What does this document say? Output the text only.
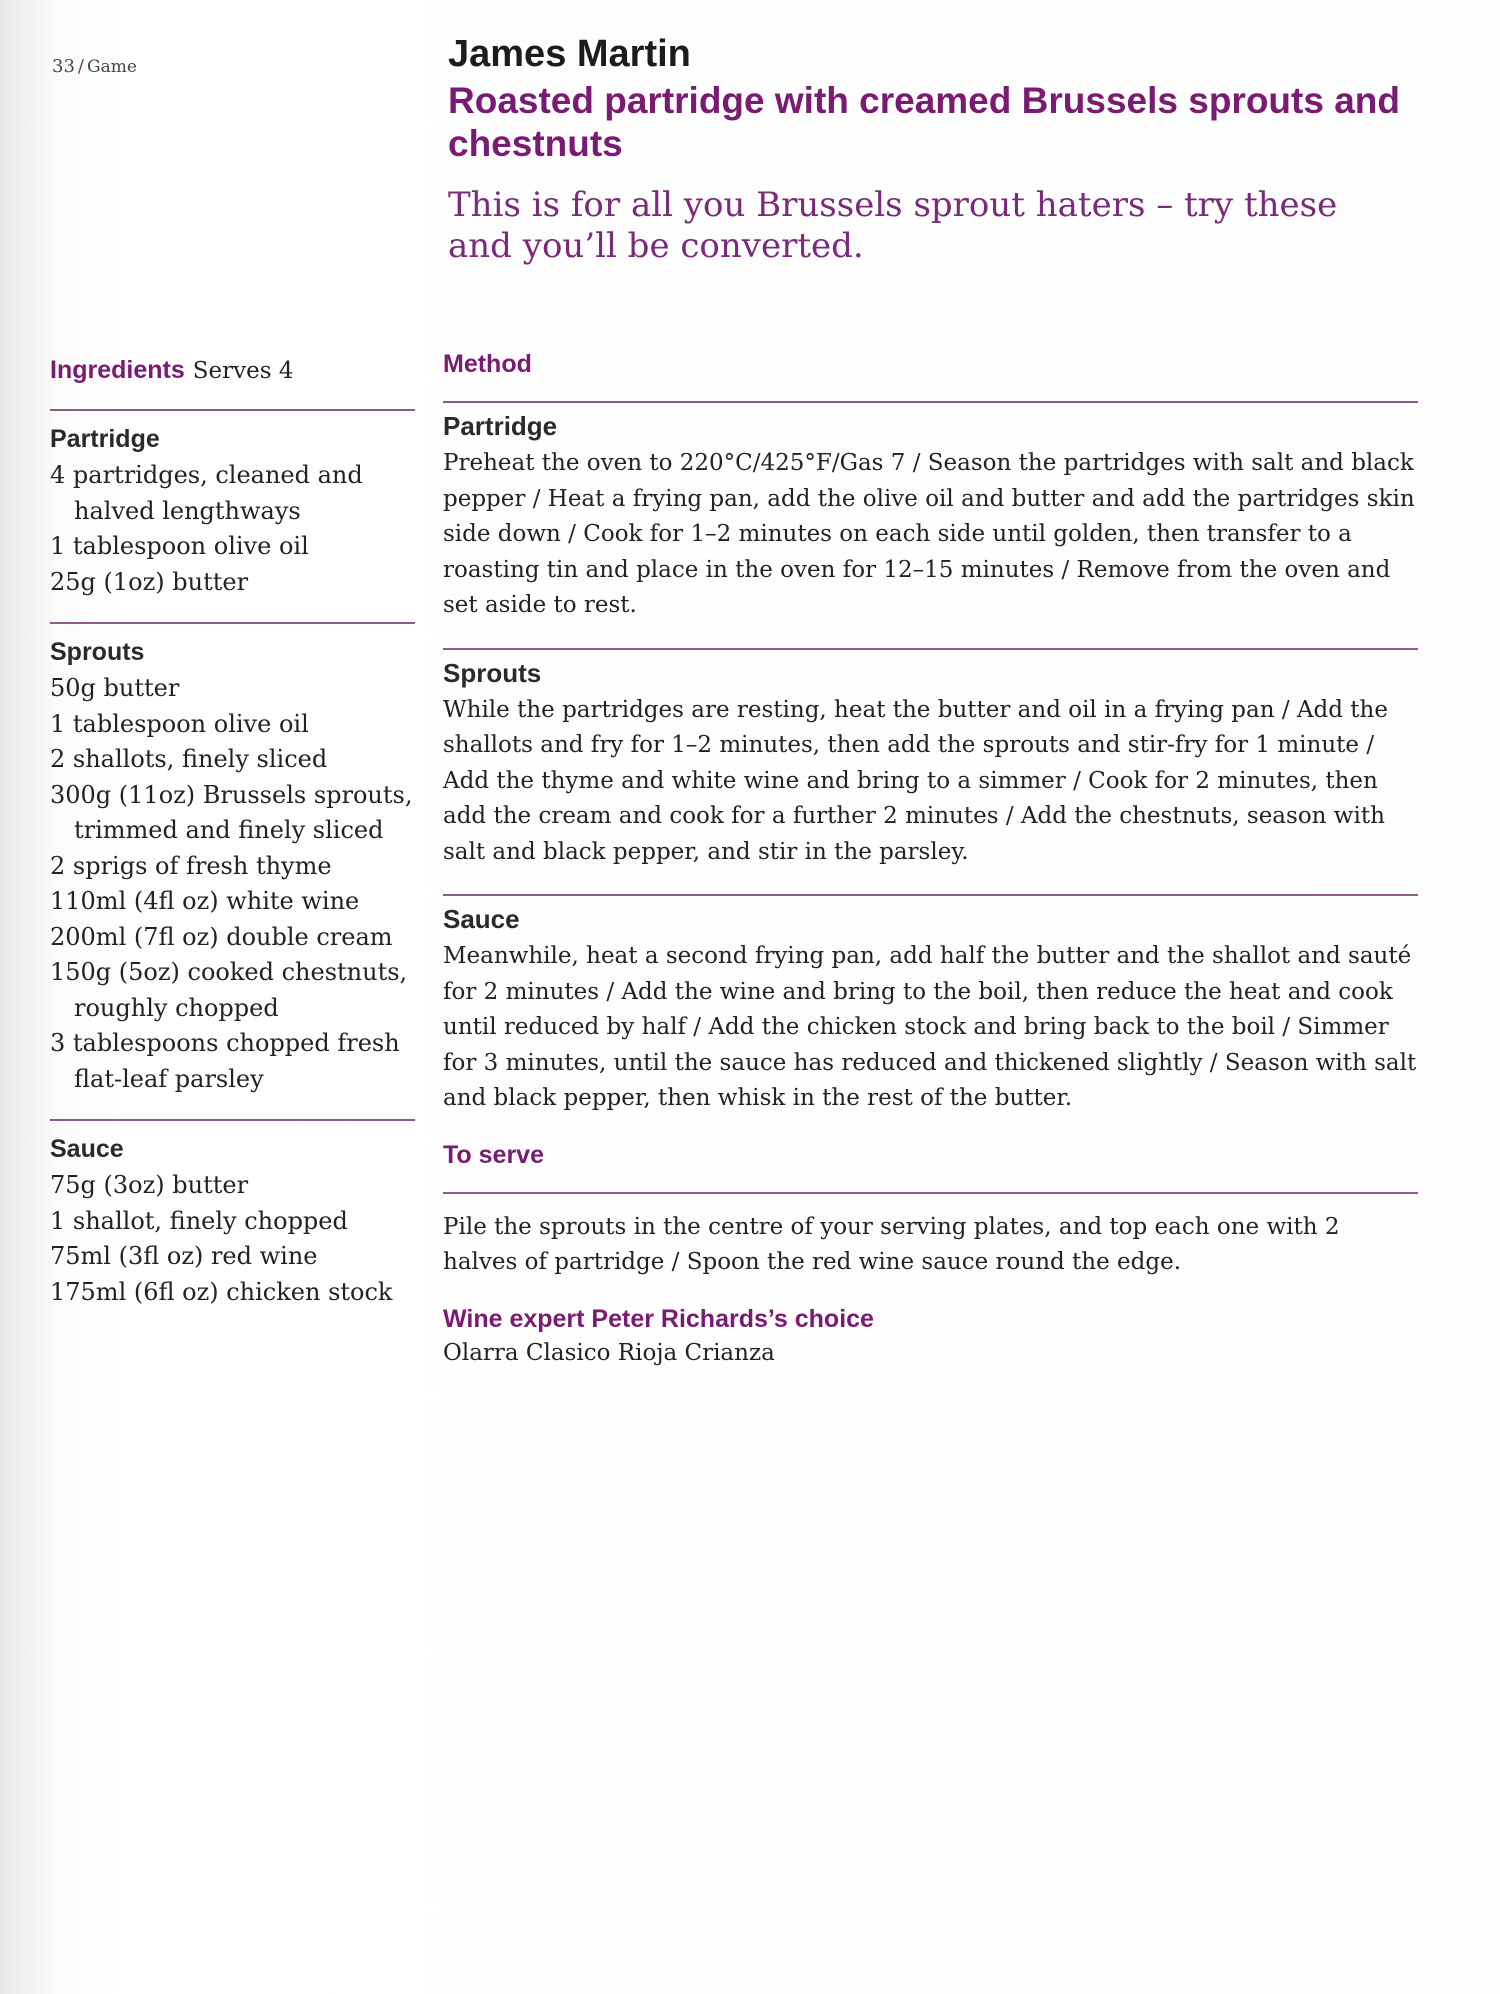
33 / Game	James Martin
Roasted partridge with creamed Brussels sprouts and chestnuts

This is for all you Brussels sprout haters – try these and you’ll be converted.

Ingredients Serves 4
Partridge
4 partridges, cleaned and halved lengthways
1 tablespoon olive oil
25g (1oz) butter
Sprouts
50g butter
1 tablespoon olive oil
2 shallots, finely sliced
300g (11oz) Brussels sprouts, trimmed and finely sliced
2 sprigs of fresh thyme
110ml (4fl oz) white wine
200ml (7fl oz) double cream
150g (5oz) cooked chestnuts, roughly chopped
3 tablespoons chopped fresh flat-leaf parsley
Sauce
75g (3oz) butter
1 shallot, finely chopped
75ml (3fl oz) red wine
175ml (6fl oz) chicken stock
Method
Partridge

Preheat the oven to 220°C/425°F/Gas 7 / Season the partridges with salt and black pepper / Heat a frying pan, add the olive oil and butter and add the partridges skin side down / Cook for 1–2 minutes on each side until golden, then transfer to a roasting tin and place in the oven for 12–15 minutes / Remove from the oven and set aside to rest.

Sprouts

While the partridges are resting, heat the butter and oil in a frying pan / Add the shallots and fry for 1–2 minutes, then add the sprouts and stir-fry for 1 minute / Add the thyme and white wine and bring to a simmer / Cook for 2 minutes, then add the cream and cook for a further 2 minutes / Add the chestnuts, season with salt and black pepper, and stir in the parsley.

Sauce

Meanwhile, heat a second frying pan, add half the butter and the shallot and sauté for 2 minutes / Add the wine and bring to the boil, then reduce the heat and cook until reduced by half / Add the chicken stock and bring back to the boil / Simmer for 3 minutes, until the sauce has reduced and thickened slightly / Season with salt and black pepper, then whisk in the rest of the butter.

To serve

Pile the sprouts in the centre of your serving plates, and top each one with 2 halves of partridge / Spoon the red wine sauce round the edge.

Wine expert Peter Richards’s choice

Olarra Clasico Rioja Crianza
